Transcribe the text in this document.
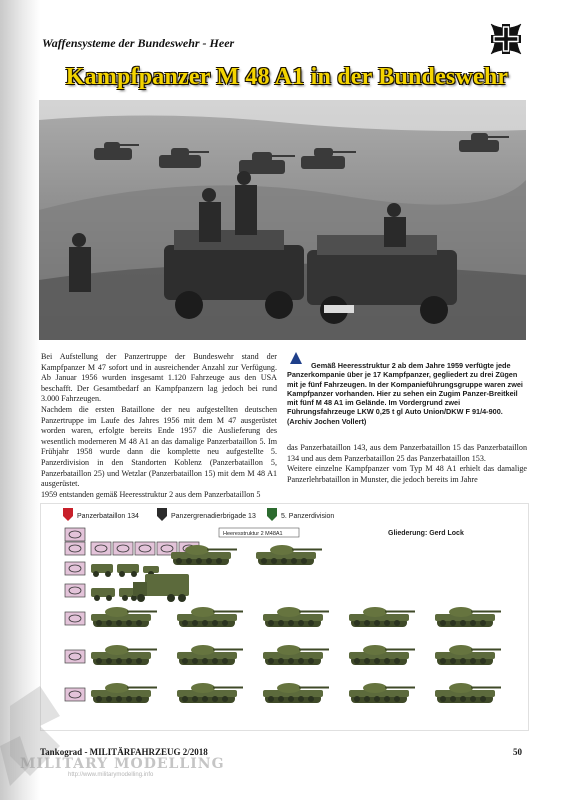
Waffensysteme der Bundeswehr - Heer
Kampfpanzer M 48 A1 in der Bundeswehr

Bei Aufstellung der Panzertruppe der Bundeswehr stand der Kampfpanzer M 47 sofort und in ausreichender Anzahl zur Verfügung. Ab Januar 1956 wurden insgesamt 1.120 Fahrzeuge aus den USA beschafft. Der Gesamtbedarf an Kampfpanzern lag jedoch bei rund 3.000 Fahrzeugen.

Nachdem die ersten Bataillone der neu aufgestellten deutschen Panzertruppe im Laufe des Jahres 1956 mit dem M 47 ausgerüstet worden waren, erfolgte bereits Ende 1957 die Auslieferung des wesentlich moderneren M 48 A1 an das damalige Panzerbataillon 5. Im Frühjahr 1958 wurde dann die komplette neu aufgestellte 5. Panzerdivision in den Standorten Koblenz (Panzerbataillon 5, Panzerbataillon 25) und Wetzlar (Panzerbataillon 15) mit dem M 48 A1 ausgerüstet.

1959 entstanden gemäß Heeresstruktur 2 aus dem Panzerbataillon 5

Gemäß Heeresstruktur 2 ab dem Jahre 1959 verfügte jede Panzerkompanie über je 17 Kampfpanzer, gegliedert zu drei Zügen mit je fünf Fahrzeugen. In der Kompanieführungsgruppe waren zwei Kampfpanzer vorhanden. Hier zu sehen ein Zugim Panzer-Breitkeil mit fünf M 48 A1 im Gelände. Im Vordergrund zwei Führungsfahrzeuge LKW 0,25 t gl Auto Union/DKW F 91/4-900. (Archiv Jochen Vollert)

das Panzerbataillon 143, aus dem Panzerbataillon 15 das Panzerbataillon 134 und aus dem Panzerbataillon 25 das Panzerbataillon 153.

Weitere einzelne Kampfpanzer vom Typ M 48 A1 erhielt das damalige Panzerlehrbataillon in Munster, die jedoch bereits im Jahre

Panzerbataillon 134	Panzergrenadierbrigade 13	5. Panzerdivision
Heeresstruktur 2 M48A1	Gliederung: Gerd Lock
MILITARY MODELLING
http://www.militarymodelling.info
Tankograd - MILITÄRFAHRZEUG 2/2018	50
